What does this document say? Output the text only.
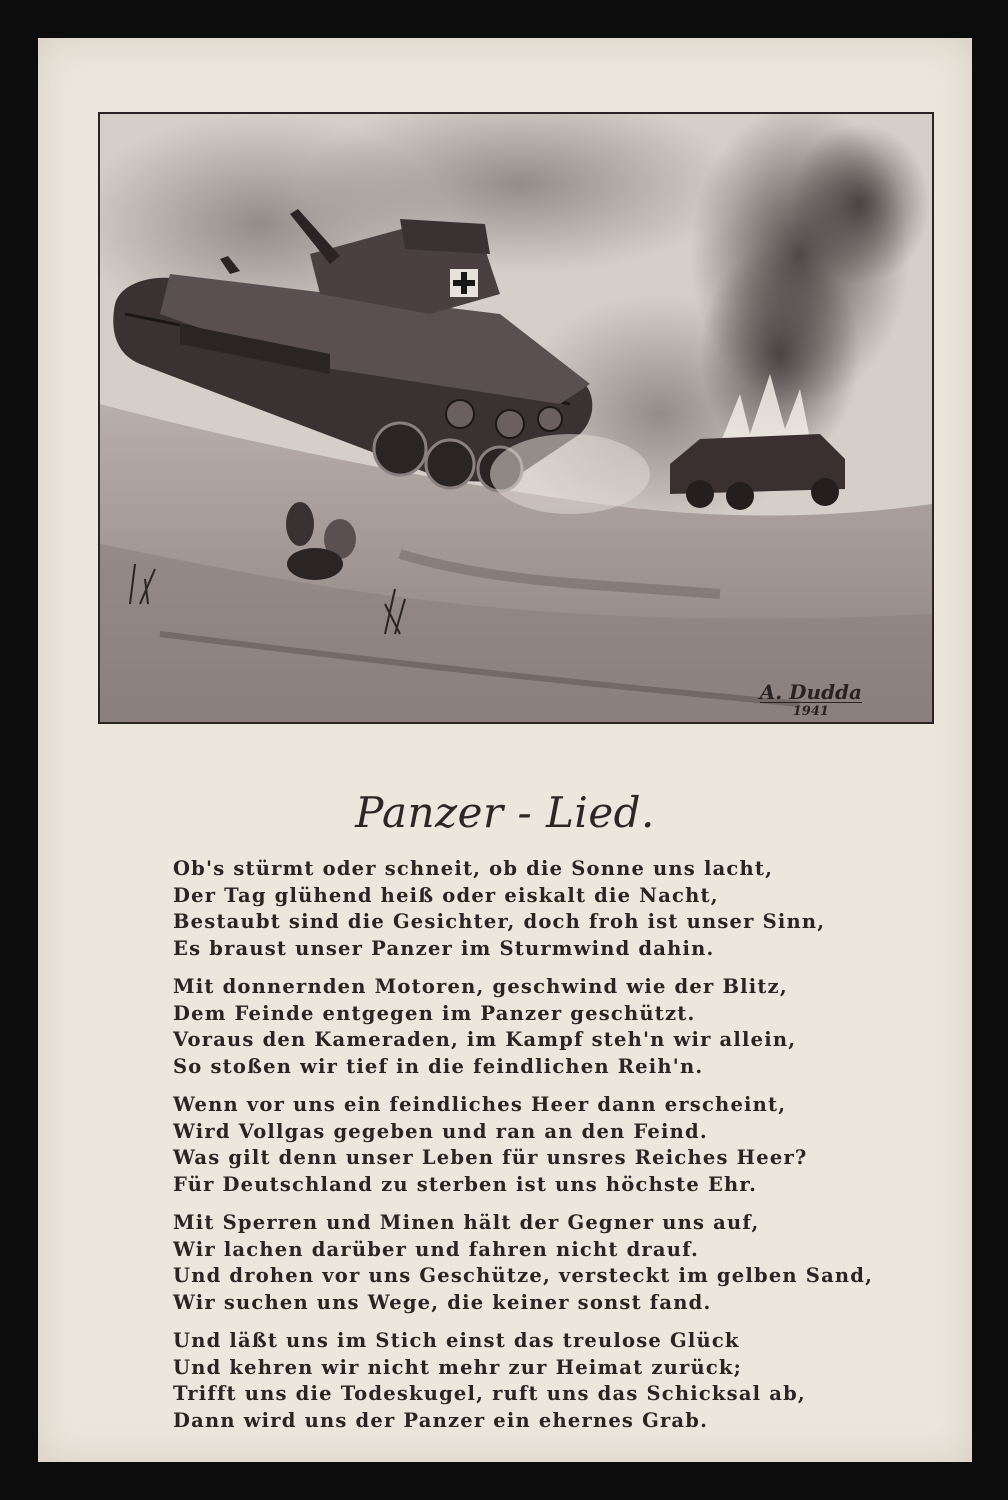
A. Dudda
1941
Panzer - Lied.
Ob's stürmt oder schneit, ob die Sonne uns lacht,
Der Tag glühend heiß oder eiskalt die Nacht,
Bestaubt sind die Gesichter, doch froh ist unser Sinn,
Es braust unser Panzer im Sturmwind dahin.
Mit donnernden Motoren, geschwind wie der Blitz,
Dem Feinde entgegen im Panzer geschützt.
Voraus den Kameraden, im Kampf steh'n wir allein,
So stoßen wir tief in die feindlichen Reih'n.
Wenn vor uns ein feindliches Heer dann erscheint,
Wird Vollgas gegeben und ran an den Feind.
Was gilt denn unser Leben für unsres Reiches Heer?
Für Deutschland zu sterben ist uns höchste Ehr.
Mit Sperren und Minen hält der Gegner uns auf,
Wir lachen darüber und fahren nicht drauf.
Und drohen vor uns Geschütze, versteckt im gelben Sand,
Wir suchen uns Wege, die keiner sonst fand.
Und läßt uns im Stich einst das treulose Glück
Und kehren wir nicht mehr zur Heimat zurück;
Trifft uns die Todeskugel, ruft uns das Schicksal ab,
Dann wird uns der Panzer ein ehernes Grab.
